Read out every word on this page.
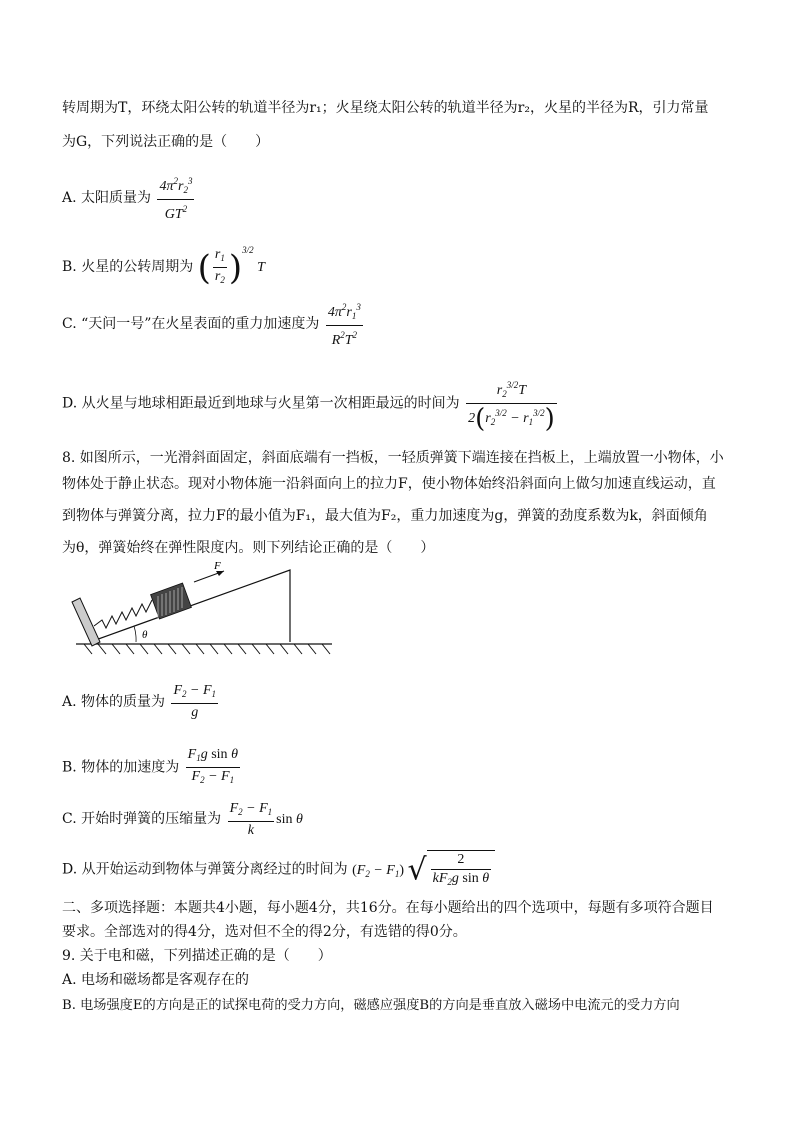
转周期为T，环绕太阳公转的轨道半径为r₁；火星绕太阳公转的轨道半径为r₂，火星的半径为R，引力常量
为G，下列说法正确的是（　　）
A. 太阳质量为 $\frac{4\pi^2r_2^3}{GT^2}$
B. 火星的公转周期为 ( $\frac{r_1}{r_2} )^{3/2}$ T
C. “天问一号”在火星表面的重力加速度为 $\frac{4\pi^2r_1^3}{R^2T^2}$
D. 从火星与地球相距最近到地球与火星第一次相距最远的时间为 $\frac{r_2^{3/2}T}{2(r_2^{3/2} - r_1^{3/2})}$
8. 如图所示，一光滑斜面固定，斜面底端有一挡板，一轻质弹簧下端连接在挡板上，上端放置一小物体，小
物体处于静止状态。现对小物体施一沿斜面向上的拉力F，使小物体始终沿斜面向上做匀加速直线运动，直
到物体与弹簧分离，拉力F的最小值为F₁，最大值为F₂，重力加速度为g，弹簧的劲度系数为k，斜面倾角
为θ，弹簧始终在弹性限度内。则下列结论正确的是（　　）
F
θ
A. 物体的质量为 $\frac{F_2 - F_1}{g}$
B. 物体的加速度为 $\frac{F_1g \sin \theta}{F_2 - F_1}$
C. 开始时弹簧的压缩量为 $\frac{F_2 - F_1}{k}$ sin θ
D. 从开始运动到物体与弹簧分离经过的时间为 $(F_2 - F_1)$ √ $\frac{2}{kF_2g \sin \theta}$
二、多项选择题：本题共4小题，每小题4分，共16分。在每小题给出的四个选项中，每题有多项符合题目
要求。全部选对的得4分，选对但不全的得2分，有选错的得0分。
9. 关于电和磁，下列描述正确的是（　　）
A. 电场和磁场都是客观存在的
B. 电场强度E的方向是正的试探电荷的受力方向，磁感应强度B的方向是垂直放入磁场中电流元的受力方向
